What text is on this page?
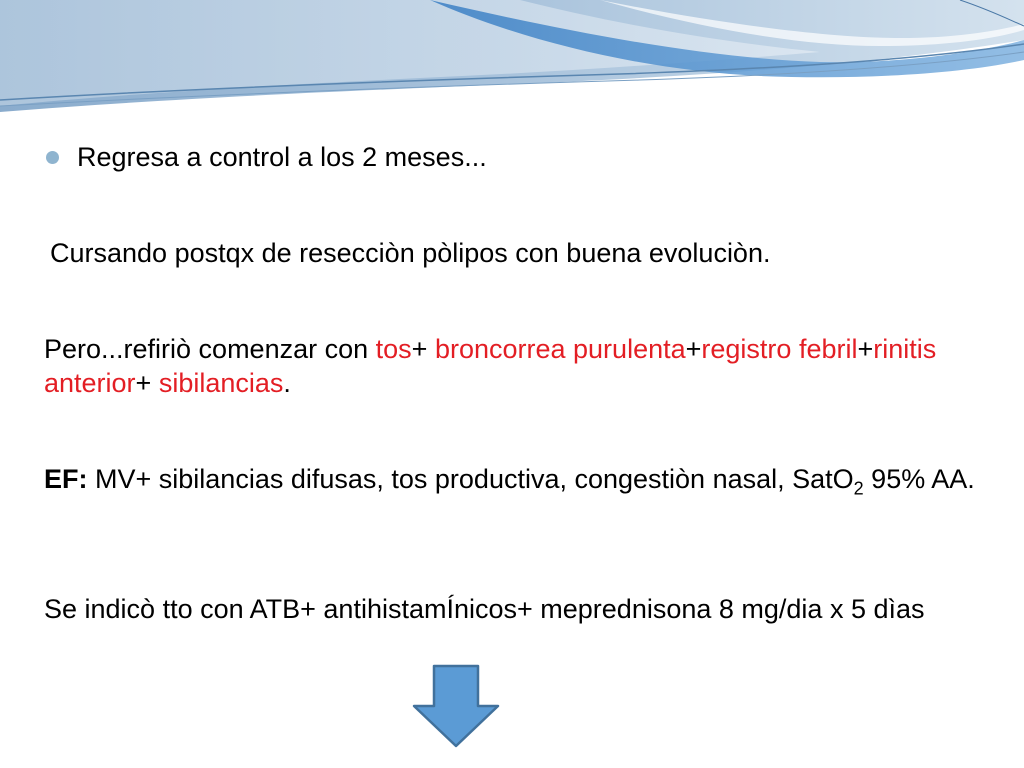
Regresa a control a los 2 meses...
Cursando postqx de resecciòn pòlipos con buena evoluciòn.
Pero...refiriò comenzar con tos+ broncorrea purulenta+registro febril+rinitis anterior+ sibilancias.
EF: MV+ sibilancias difusas, tos productiva, congestiòn nasal, SatO$_2$ 95% AA.
Se indicò tto con ATB+ antihistamÍnicos+ meprednisona 8 mg/dia x 5 dìas
